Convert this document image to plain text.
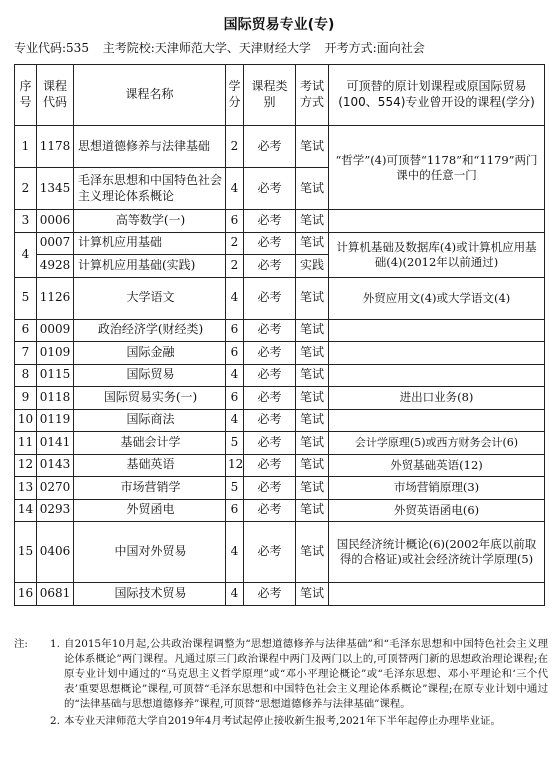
国际贸易专业(专)
专业代码:535 主考院校:天津师范大学、天津财经大学 开考方式:面向社会
序号	课程代码	课程名称	学分	课程类别	考试方式	可顶替的原计划课程或原国际贸易(100、554)专业曾开设的课程(学分)
1	1178	思想道德修养与法律基础	2	必考	笔试	“哲学”(4)可顶替“1178”和“1179”两门课中的任意一门
2	1345	毛泽东思想和中国特色社会主义理论体系概论	4	必考	笔试	
3	0006	高等数学(一)	6	必考	笔试	
4	0007	计算机应用基础	2	必考	笔试	计算机基础及数据库(4)或计算机应用基础(4)(2012年以前通过)
	4928	计算机应用基础(实践)	2	必考	实践	
5	1126	大学语文	4	必考	笔试	外贸应用文(4)或大学语文(4)
6	0009	政治经济学(财经类)	6	必考	笔试	
7	0109	国际金融	6	必考	笔试	
8	0115	国际贸易	4	必考	笔试	
9	0118	国际贸易实务(一)	6	必考	笔试	进出口业务(8)
10	0119	国际商法	4	必考	笔试	
11	0141	基础会计学	5	必考	笔试	会计学原理(5)或西方财务会计(6)
12	0143	基础英语	12	必考	笔试	外贸基础英语(12)
13	0270	市场营销学	5	必考	笔试	市场营销原理(3)
14	0293	外贸函电	6	必考	笔试	外贸英语函电(6)
15	0406	中国对外贸易	4	必考	笔试	国民经济统计概论(6)(2002年底以前取得的合格证)或社会经济统计学原理(5)
16	0681	国际技术贸易	4	必考	笔试	
注:	1. 自2015年10月起,公共政治课程调整为“思想道德修养与法律基础”和“毛泽东思想和中国特色社会主义理论体系概论”两门课程。凡通过原三门政治课程中两门及两门以上的,可顶替两门新的思想政治理论课程;在原专业计划中通过的“马克思主义哲学原理”或“邓小平理论概论”或“毛泽东思想、邓小平理论和‘三个代表’重要思想概论”课程,可顶替“毛泽东思想和中国特色社会主义理论体系概论”课程;在原专业计划中通过的“法律基础与思想道德修养”课程,可顶替“思想道德修养与法律基础”课程。
2. 本专业天津师范大学自2019年4月考试起停止接收新生报考,2021年下半年起停止办理毕业证。
